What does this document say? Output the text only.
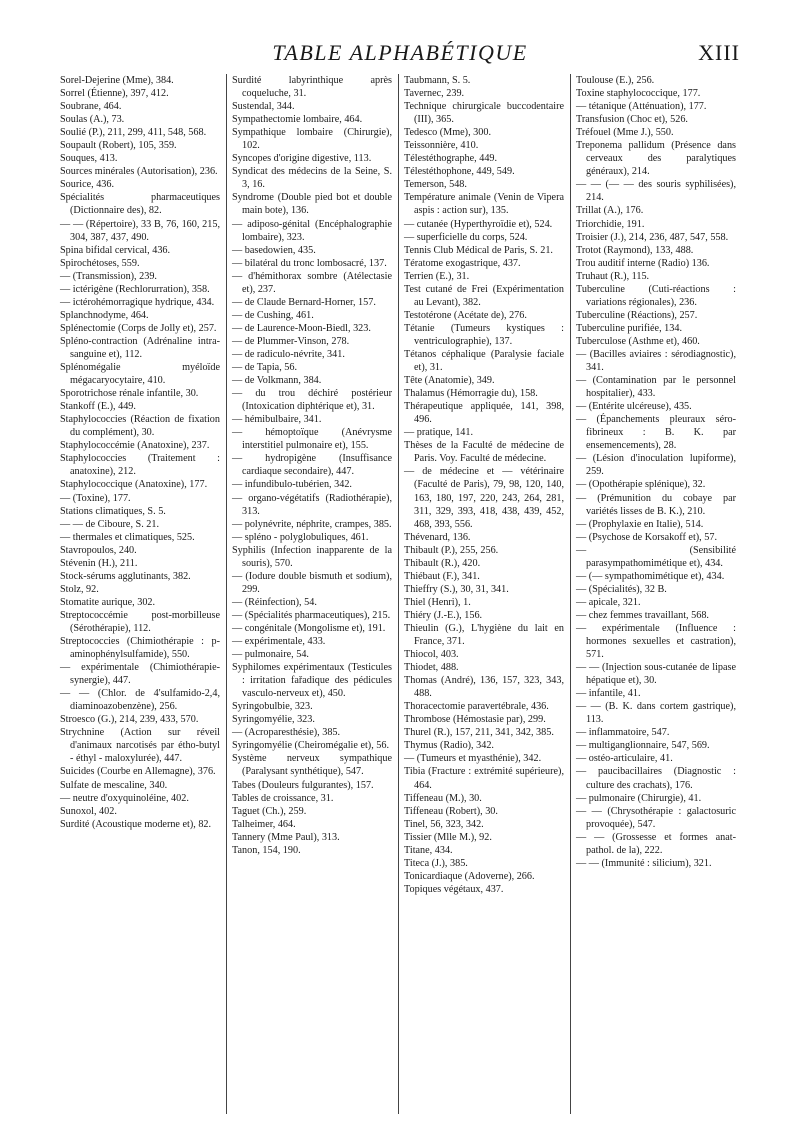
TABLE ALPHABÉTIQUE	XIII
Sorel-Dejerine (Mme), 384.
Sorrel (Étienne), 397, 412.
Soubrane, 464.
Soulas (A.), 73.
Soulié (P.), 211, 299, 411, 548, 568.
Soupault (Robert), 105, 359.
Souques, 413.
Sources minérales (Autorisation), 236.
Sourice, 436.
Spécialités pharmaceutiques (Dictionnaire des), 82.
— — (Répertoire), 33 B, 76, 160, 215, 304, 387, 437, 490.
Spina bifidal cervical, 436.
Spirochétoses, 559.
— (Transmission), 239.
— ictérigène (Rechlorurration), 358.
— ictérohémorragique hydrique, 434.
Splanchnodyme, 464.
Splénectomie (Corps de Jolly et), 257.
Spléno-contraction (Adrénaline intra-sanguine et), 112.
Splénomégalie myéloïde mégacaryocytaire, 410.
Sporotrichose rénale infantile, 30.
Stankoff (E.), 449.
Staphylococcies (Réaction de fixation du complément), 30.
Staphylococcémie (Anatoxine), 237.
Staphylococcies (Traitement : anatoxine), 212.
Staphylococcique (Anatoxine), 177.
— (Toxine), 177.
Stations climatiques, S. 5.
— — de Ciboure, S. 21.
— thermales et climatiques, 525.
Stavropoulos, 240.
Stévenin (H.), 211.
Stock-sérums agglutinants, 382.
Stolz, 92.
Stomatite aurique, 302.
Streptococcémie post-morbilleuse (Sérothérapie), 112.
Streptococcies (Chimiothérapie : p-aminophénylsulfamide), 550.
— expérimentale (Chimiothérapie-synergie), 447.
— — (Chlor. de 4'sulfamido-2,4, diaminoazobenzène), 256.
Stroesco (G.), 214, 239, 433, 570.
Strychnine (Action sur réveil d'animaux narcotisés par étho-butyl - éthyl - maloxylurée), 447.
Suicides (Courbe en Allemagne), 376.
Sulfate de mescaline, 340.
— neutre d'oxyquinoléine, 402.
Sunoxol, 402.
Surdité (Acoustique moderne et), 82.
Surdité labyrinthique après coqueluche, 31.
Sustendal, 344.
Sympathectomie lombaire, 464.
Sympathique lombaire (Chirurgie), 102.
Syncopes d'origine digestive, 113.
Syndicat des médecins de la Seine, S. 3, 16.
Syndrome (Double pied bot et double main bote), 136.
— adiposo-génital (Encéphalographie lombaire), 323.
— basedowien, 435.
— bilatéral du tronc lombosacré, 137.
— d'hémithorax sombre (Atélectasie et), 237.
— de Claude Bernard-Horner, 157.
— de Cushing, 461.
— de Laurence-Moon-Biedl, 323.
— de Plummer-Vinson, 278.
— de radiculo-névrite, 341.
— de Tapia, 56.
— de Volkmann, 384.
— du trou déchiré postérieur (Intoxication diphtérique et), 31.
— hémibulbaire, 341.
— hémoptoïque (Anévrysme interstitiel pulmonaire et), 155.
— hydropigène (Insuffisance cardiaque secondaire), 447.
— infundibulo-tubérien, 342.
— organo-végétatifs (Radiothérapie), 313.
— polynévrite, néphrite, crampes, 385.
— spléno - polyglobuliques, 461.
Syphilis (Infection inapparente de la souris), 570.
— (Iodure double bismuth et sodium), 299.
— (Réinfection), 54.
— (Spécialités pharmaceutiques), 215.
— congénitale (Mongolisme et), 191.
— expérimentale, 433.
— pulmonaire, 54.
Syphilomes expérimentaux (Testicules : irritation fařadique des pédicules vasculo-nerveux et), 450.
Syringobulbie, 323.
Syringomyélie, 323.
— (Acroparesthésie), 385.
Syringomyélie (Cheiromégalie et), 56.
Système nerveux sympathique (Paralysant synthétique), 547.
Tabes (Douleurs fulgurantes), 157.
Tables de croissance, 31.
Taguet (Ch.), 259.
Talheimer, 464.
Tannery (Mme Paul), 313.
Tanon, 154, 190.
Taubmann, S. 5.
Tavernec, 239.
Technique chirurgicale buccodentaire (III), 365.
Tedesco (Mme), 300.
Teissonnière, 410.
Télestéthographe, 449.
Télestéthophone, 449, 549.
Temerson, 548.
Température animale (Venin de Vipera aspis : action sur), 135.
— cutanée (Hyperthyroïdie et), 524.
— superficielle du corps, 524.
Tennis Club Médical de Paris, S. 21.
Tératome exogastrique, 437.
Terrien (E.), 31.
Test cutané de Frei (Expérimentation au Levant), 382.
Testotérone (Acétate de), 276.
Tétanie (Tumeurs kystiques : ventriculographie), 137.
Tétanos céphalique (Paralysie faciale et), 31.
Tête (Anatomie), 349.
Thalamus (Hémorragie du), 158.
Thérapeutique appliquée, 141, 398, 496.
— pratique, 141.
Thèses de la Faculté de médecine de Paris. Voy. Faculté de médecine.
— de médecine et — vétérinaire (Faculté de Paris), 79, 98, 120, 140, 163, 180, 197, 220, 243, 264, 281, 311, 329, 393, 418, 438, 439, 452, 468, 393, 556.
Thévenard, 136.
Thibault (P.), 255, 256.
Thibault (R.), 420.
Thiébaut (F.), 341.
Thieffry (S.), 30, 31, 341.
Thiel (Henri), 1.
Thiéry (J.-E.), 156.
Thieulin (G.), L'hygiène du lait en France, 371.
Thiocol, 403.
Thiodet, 488.
Thomas (André), 136, 157, 323, 343, 488.
Thoracectomie paravertébrale, 436.
Thrombose (Hémostasie par), 299.
Thurel (R.), 157, 211, 341, 342, 385.
Thymus (Radio), 342.
— (Tumeurs et myasthénie), 342.
Tibia (Fracture : extrémité supérieure), 464.
Tiffeneau (M.), 30.
Tiffeneau (Robert), 30.
Tinel, 56, 323, 342.
Tissier (Mlle M.), 92.
Titane, 434.
Titeca (J.), 385.
Tonicardiaque (Adoverne), 266.
Topiques végétaux, 437.
Toulouse (E.), 256.
Toxine staphylococcique, 177.
— tétanique (Atténuation), 177.
Transfusion (Choc et), 526.
Tréfouel (Mme J.), 550.
Treponema pallidum (Présence dans cerveaux des paralytiques généraux), 214.
— — (— — des souris syphilisées), 214.
Trillat (A.), 176.
Triorchidie, 191.
Troisier (J.), 214, 236, 487, 547, 558.
Trotot (Raymond), 133, 488.
Trou auditif interne (Radio) 136.
Truhaut (R.), 115.
Tuberculine (Cuti-réactions : variations régionales), 236.
Tuberculine (Réactions), 257.
Tuberculine purifiée, 134.
Tuberculose (Asthme et), 460.
— (Bacilles aviaires : sérodiagnostic), 341.
— (Contamination par le personnel hospitalier), 433.
— (Entérite ulcéreuse), 435.
— (Épanchements pleuraux séro-fibrineux : B. K. par ensemencements), 28.
— (Lésion d'inoculation lupiforme), 259.
— (Opothérapie splénique), 32.
— (Prémunition du cobaye par variétés lisses de B. K.), 210.
— (Prophylaxie en Italie), 514.
— (Psychose de Korsakoff et), 57.
— (Sensibilité parasympathomimétique et), 434.
— (— sympathomimétique et), 434.
— (Spécialités), 32 B.
— apicale, 321.
— chez femmes travaillant, 568.
— expérimentale (Influence : hormones sexuelles et castration), 571.
— — (Injection sous-cutanée de lipase hépatique et), 30.
— infantile, 41.
— — (B. K. dans cortem gastrique), 113.
— inflammatoire, 547.
— multiganglionnaire, 547, 569.
— ostéo-articulaire, 41.
— paucibacillaires (Diagnostic : culture des crachats), 176.
— pulmonaire (Chirurgie), 41.
— — (Chrysothérapie : galactosuric provoquée), 547.
— — (Grossesse et formes anat-pathol. de la), 222.
— — (Immunité : silicium), 321.
